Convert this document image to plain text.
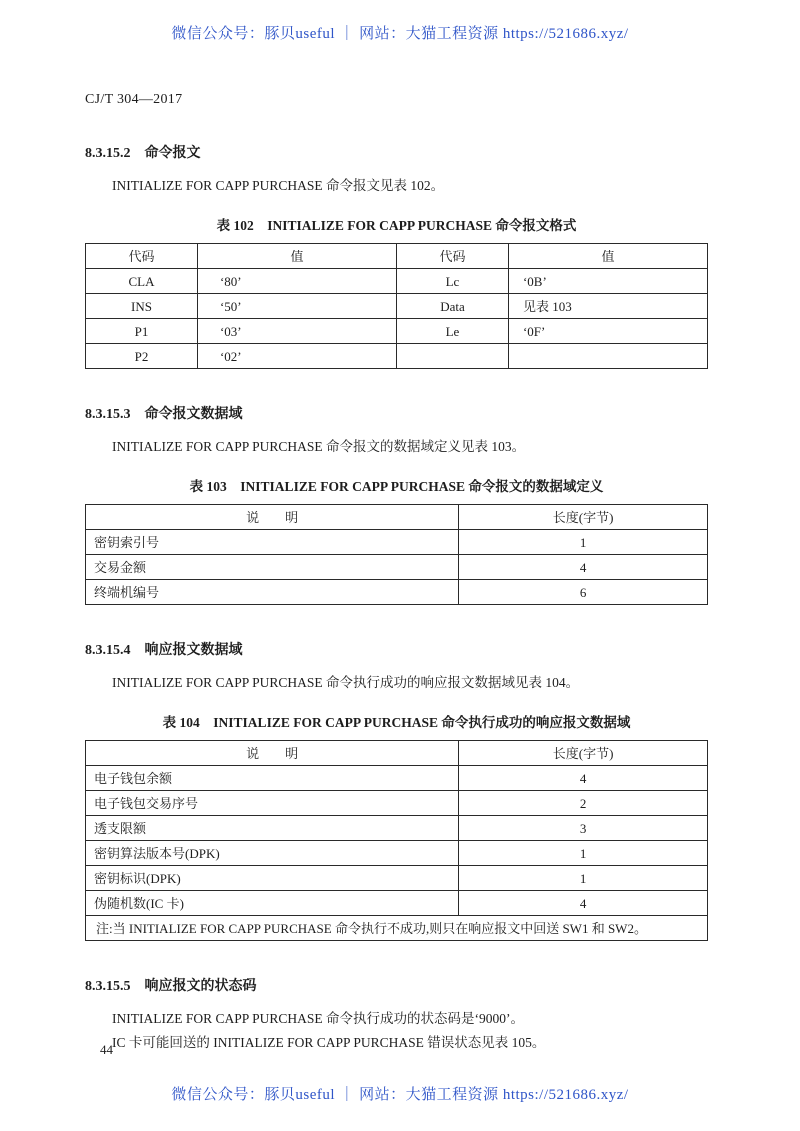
微信公众号：豚贝useful ｜ 网站：大猫工程资源 https://521686.xyz/
CJ/T 304—2017
8.3.15.2 命令报文

INITIALIZE FOR CAPP PURCHASE 命令报文见表 102。

表 102　INITIALIZE FOR CAPP PURCHASE 命令报文格式

代码	值	代码	值
CLA	‘80’	Lc	‘0B’
INS	‘50’	Data	见表 103
P1	‘03’	Le	‘0F’
P2	‘02’		
8.3.15.3 命令报文数据域

INITIALIZE FOR CAPP PURCHASE 命令报文的数据域定义见表 103。

表 103　INITIALIZE FOR CAPP PURCHASE 命令报文的数据域定义

说　　明	长度(字节)
密钥索引号	1
交易金额	4
终端机编号	6
8.3.15.4 响应报文数据域

INITIALIZE FOR CAPP PURCHASE 命令执行成功的响应报文数据域见表 104。

表 104　INITIALIZE FOR CAPP PURCHASE 命令执行成功的响应报文数据域

说　　明	长度(字节)
电子钱包余额	4
电子钱包交易序号	2
透支限额	3
密钥算法版本号(DPK)	1
密钥标识(DPK)	1
伪随机数(IC 卡)	4
注:当 INITIALIZE FOR CAPP PURCHASE 命令执行不成功,则只在响应报文中回送 SW1 和 SW2。	
8.3.15.5 响应报文的状态码

INITIALIZE FOR CAPP PURCHASE 命令执行成功的状态码是‘9000’。

IC 卡可能回送的 INITIALIZE FOR CAPP PURCHASE 错误状态见表 105。

44
微信公众号：豚贝useful ｜ 网站：大猫工程资源 https://521686.xyz/
